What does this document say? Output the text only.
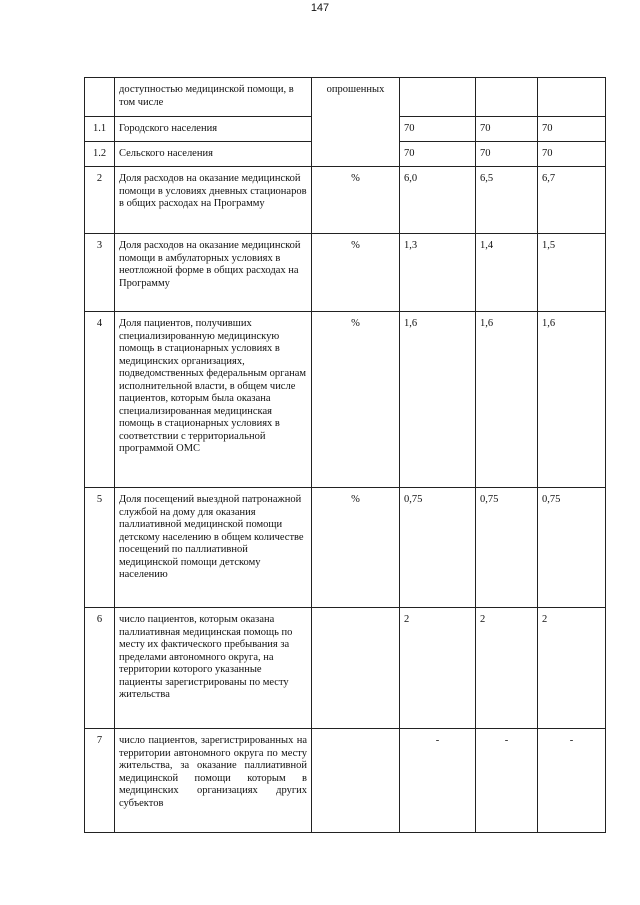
147
	доступностью медицинской помощи, в том числе	опрошенных			
1.1	Городского населения		70	70	70
1.2	Сельского населения		70	70	70
2	Доля расходов на оказание медицинской помощи в условиях дневных стационаров в общих расходах на Программу	%	6,0	6,5	6,7
3	Доля расходов на оказание медицинской помощи в амбулаторных условиях в неотложной форме в общих расходах на Программу	%	1,3	1,4	1,5
4	Доля пациентов, получивших специализированную медицинскую помощь в стационарных условиях в медицинских организациях, подведомственных федеральным органам исполнительной власти, в общем числе пациентов, которым была оказана специализированная медицинская помощь в стационарных условиях в соответствии с территориальной программой ОМС	%	1,6	1,6	1,6
5	Доля посещений выездной патронажной службой на дому для оказания паллиативной медицинской помощи детскому населению в общем количестве посещений по паллиативной медицинской помощи детскому населению	%	0,75	0,75	0,75
6	число пациентов, которым оказана паллиативная медицинская помощь по месту их фактического пребывания за пределами автономного округа, на территории которого указанные пациенты зарегистрированы по месту жительства		2	2	2
7	число пациентов, зарегистрированных на территории автономного округа по месту жительства, за оказание паллиативной медицинской помощи которым в медицинских организациях других субъектов		-	-	-
